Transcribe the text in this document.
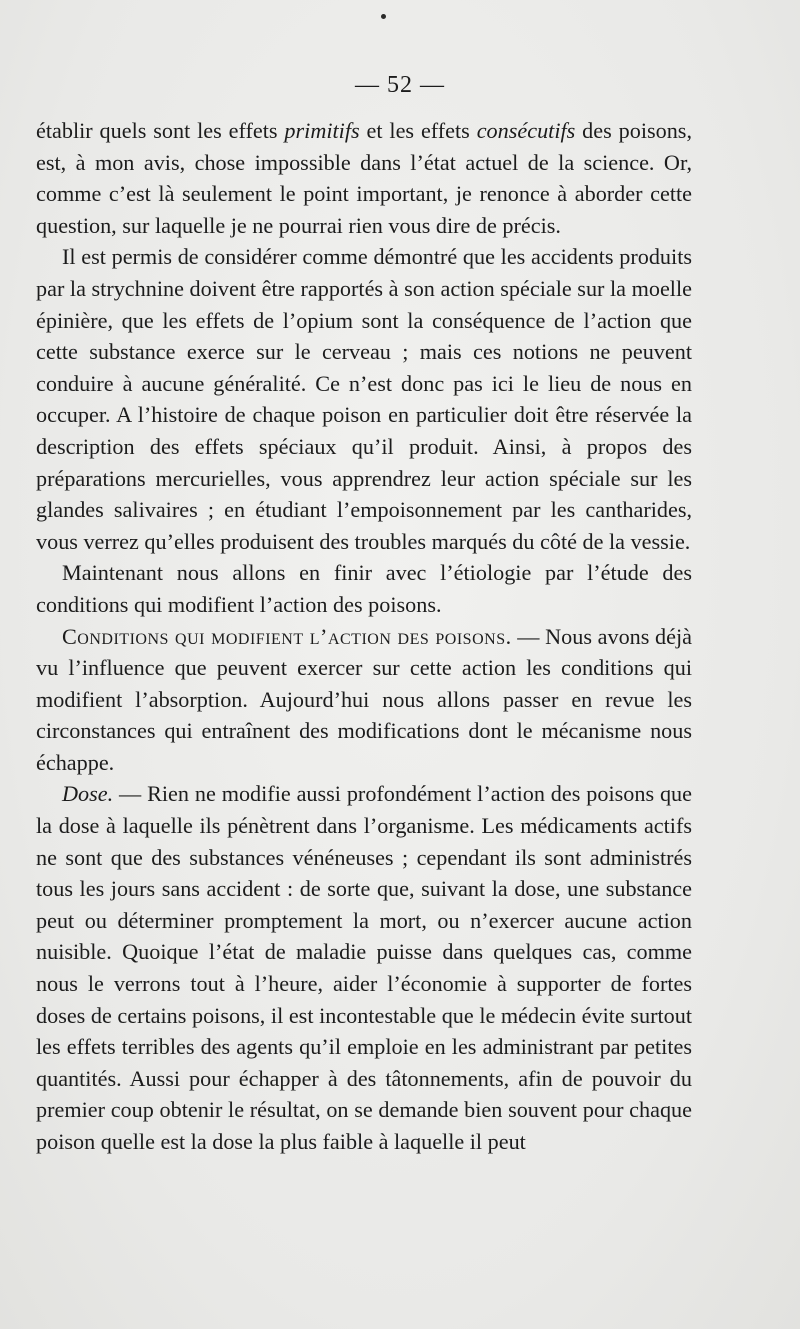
— 52 —

établir quels sont les effets primitifs et les effets consécutifs des poisons, est, à mon avis, chose impossible dans l’état actuel de la science. Or, comme c’est là seulement le point important, je renonce à aborder cette question, sur laquelle je ne pourrai rien vous dire de précis.

Il est permis de considérer comme démontré que les accidents produits par la strychnine doivent être rapportés à son action spéciale sur la moelle épinière, que les effets de l’opium sont la conséquence de l’action que cette substance exerce sur le cerveau ; mais ces notions ne peuvent conduire à aucune généralité. Ce n’est donc pas ici le lieu de nous en occuper. A l’histoire de chaque poison en particulier doit être réservée la description des effets spéciaux qu’il produit. Ainsi, à propos des préparations mercurielles, vous apprendrez leur action spéciale sur les glandes salivaires ; en étudiant l’empoisonnement par les cantharides, vous verrez qu’elles produisent des troubles marqués du côté de la vessie.

Maintenant nous allons en finir avec l’étiologie par l’étude des conditions qui modifient l’action des poisons.

Conditions qui modifient l’action des poisons. — Nous avons déjà vu l’influence que peuvent exercer sur cette action les conditions qui modifient l’absorption. Aujourd’hui nous allons passer en revue les circonstances qui entraînent des modifications dont le mécanisme nous échappe.

Dose. — Rien ne modifie aussi profondément l’action des poisons que la dose à laquelle ils pénètrent dans l’organisme. Les médicaments actifs ne sont que des substances vénéneuses ; cependant ils sont administrés tous les jours sans accident : de sorte que, suivant la dose, une substance peut ou déterminer promptement la mort, ou n’exercer aucune action nuisible. Quoique l’état de maladie puisse dans quelques cas, comme nous le verrons tout à l’heure, aider l’économie à supporter de fortes doses de certains poisons, il est incontestable que le médecin évite surtout les effets terribles des agents qu’il emploie en les administrant par petites quantités. Aussi pour échapper à des tâtonnements, afin de pouvoir du premier coup obtenir le résultat, on se demande bien souvent pour chaque poison quelle est la dose la plus faible à laquelle il peut
